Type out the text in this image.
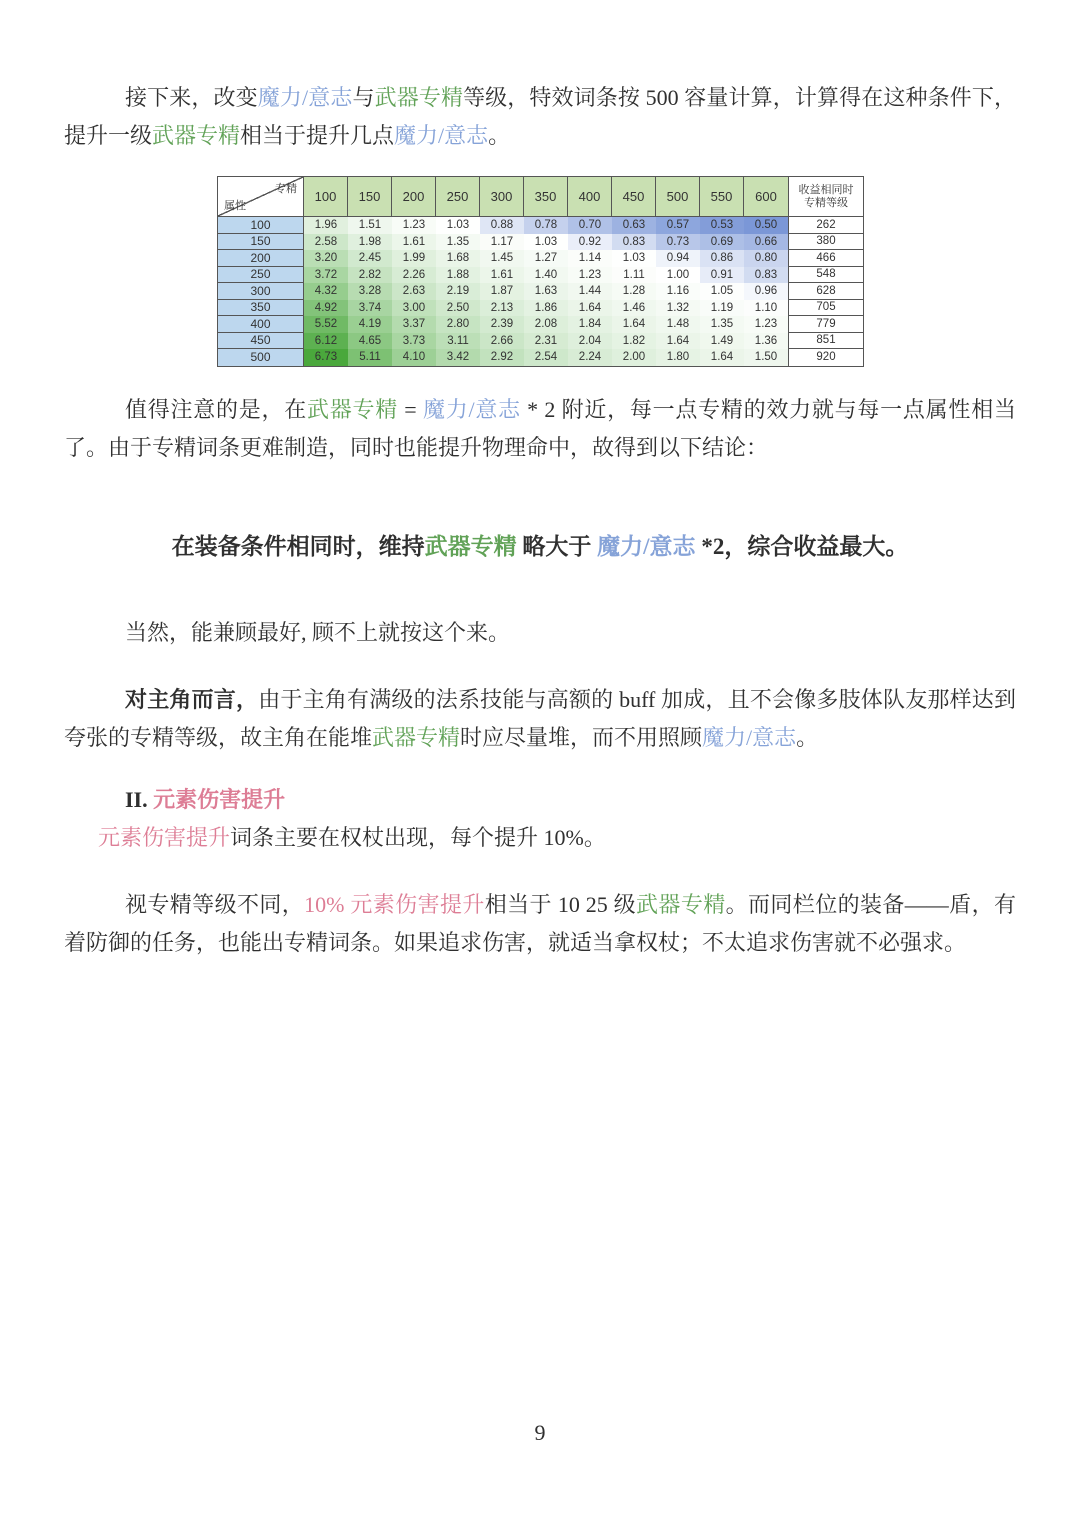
接下来，改变魔力/意志与武器专精等级，特效词条按 500 容量计算，计算得在这种条件下，提升一级武器专精相当于提升几点魔力/意志。

专精
属性
100	150	200	250	300	350	400	450	500	550	600	收益相同时
专精等级
100	1.96	1.51	1.23	1.03	0.88	0.78	0.70	0.63	0.57	0.53	0.50	262
150	2.58	1.98	1.61	1.35	1.17	1.03	0.92	0.83	0.73	0.69	0.66	380
200	3.20	2.45	1.99	1.68	1.45	1.27	1.14	1.03	0.94	0.86	0.80	466
250	3.72	2.82	2.26	1.88	1.61	1.40	1.23	1.11	1.00	0.91	0.83	548
300	4.32	3.28	2.63	2.19	1.87	1.63	1.44	1.28	1.16	1.05	0.96	628
350	4.92	3.74	3.00	2.50	2.13	1.86	1.64	1.46	1.32	1.19	1.10	705
400	5.52	4.19	3.37	2.80	2.39	2.08	1.84	1.64	1.48	1.35	1.23	779
450	6.12	4.65	3.73	3.11	2.66	2.31	2.04	1.82	1.64	1.49	1.36	851
500	6.73	5.11	4.10	3.42	2.92	2.54	2.24	2.00	1.80	1.64	1.50	920

值得注意的是，在武器专精 = 魔力/意志 * 2 附近，每一点专精的效力就与每一点属性相当了。由于专精词条更难制造，同时也能提升物理命中，故得到以下结论：

在装备条件相同时，维持武器专精 略大于 魔力/意志 *2，综合收益最大。

当然，能兼顾最好, 顾不上就按这个来。

对主角而言，由于主角有满级的法系技能与高额的 buff 加成，且不会像多肢体队友那样达到夸张的专精等级，故主角在能堆武器专精时应尽量堆，而不用照顾魔力/意志。

II. 元素伤害提升

元素伤害提升词条主要在权杖出现，每个提升 10%。

视专精等级不同，10% 元素伤害提升相当于 10 25 级武器专精。而同栏位的装备——盾，有着防御的任务，也能出专精词条。如果追求伤害，就适当拿权杖；不太追求伤害就不必强求。

9
